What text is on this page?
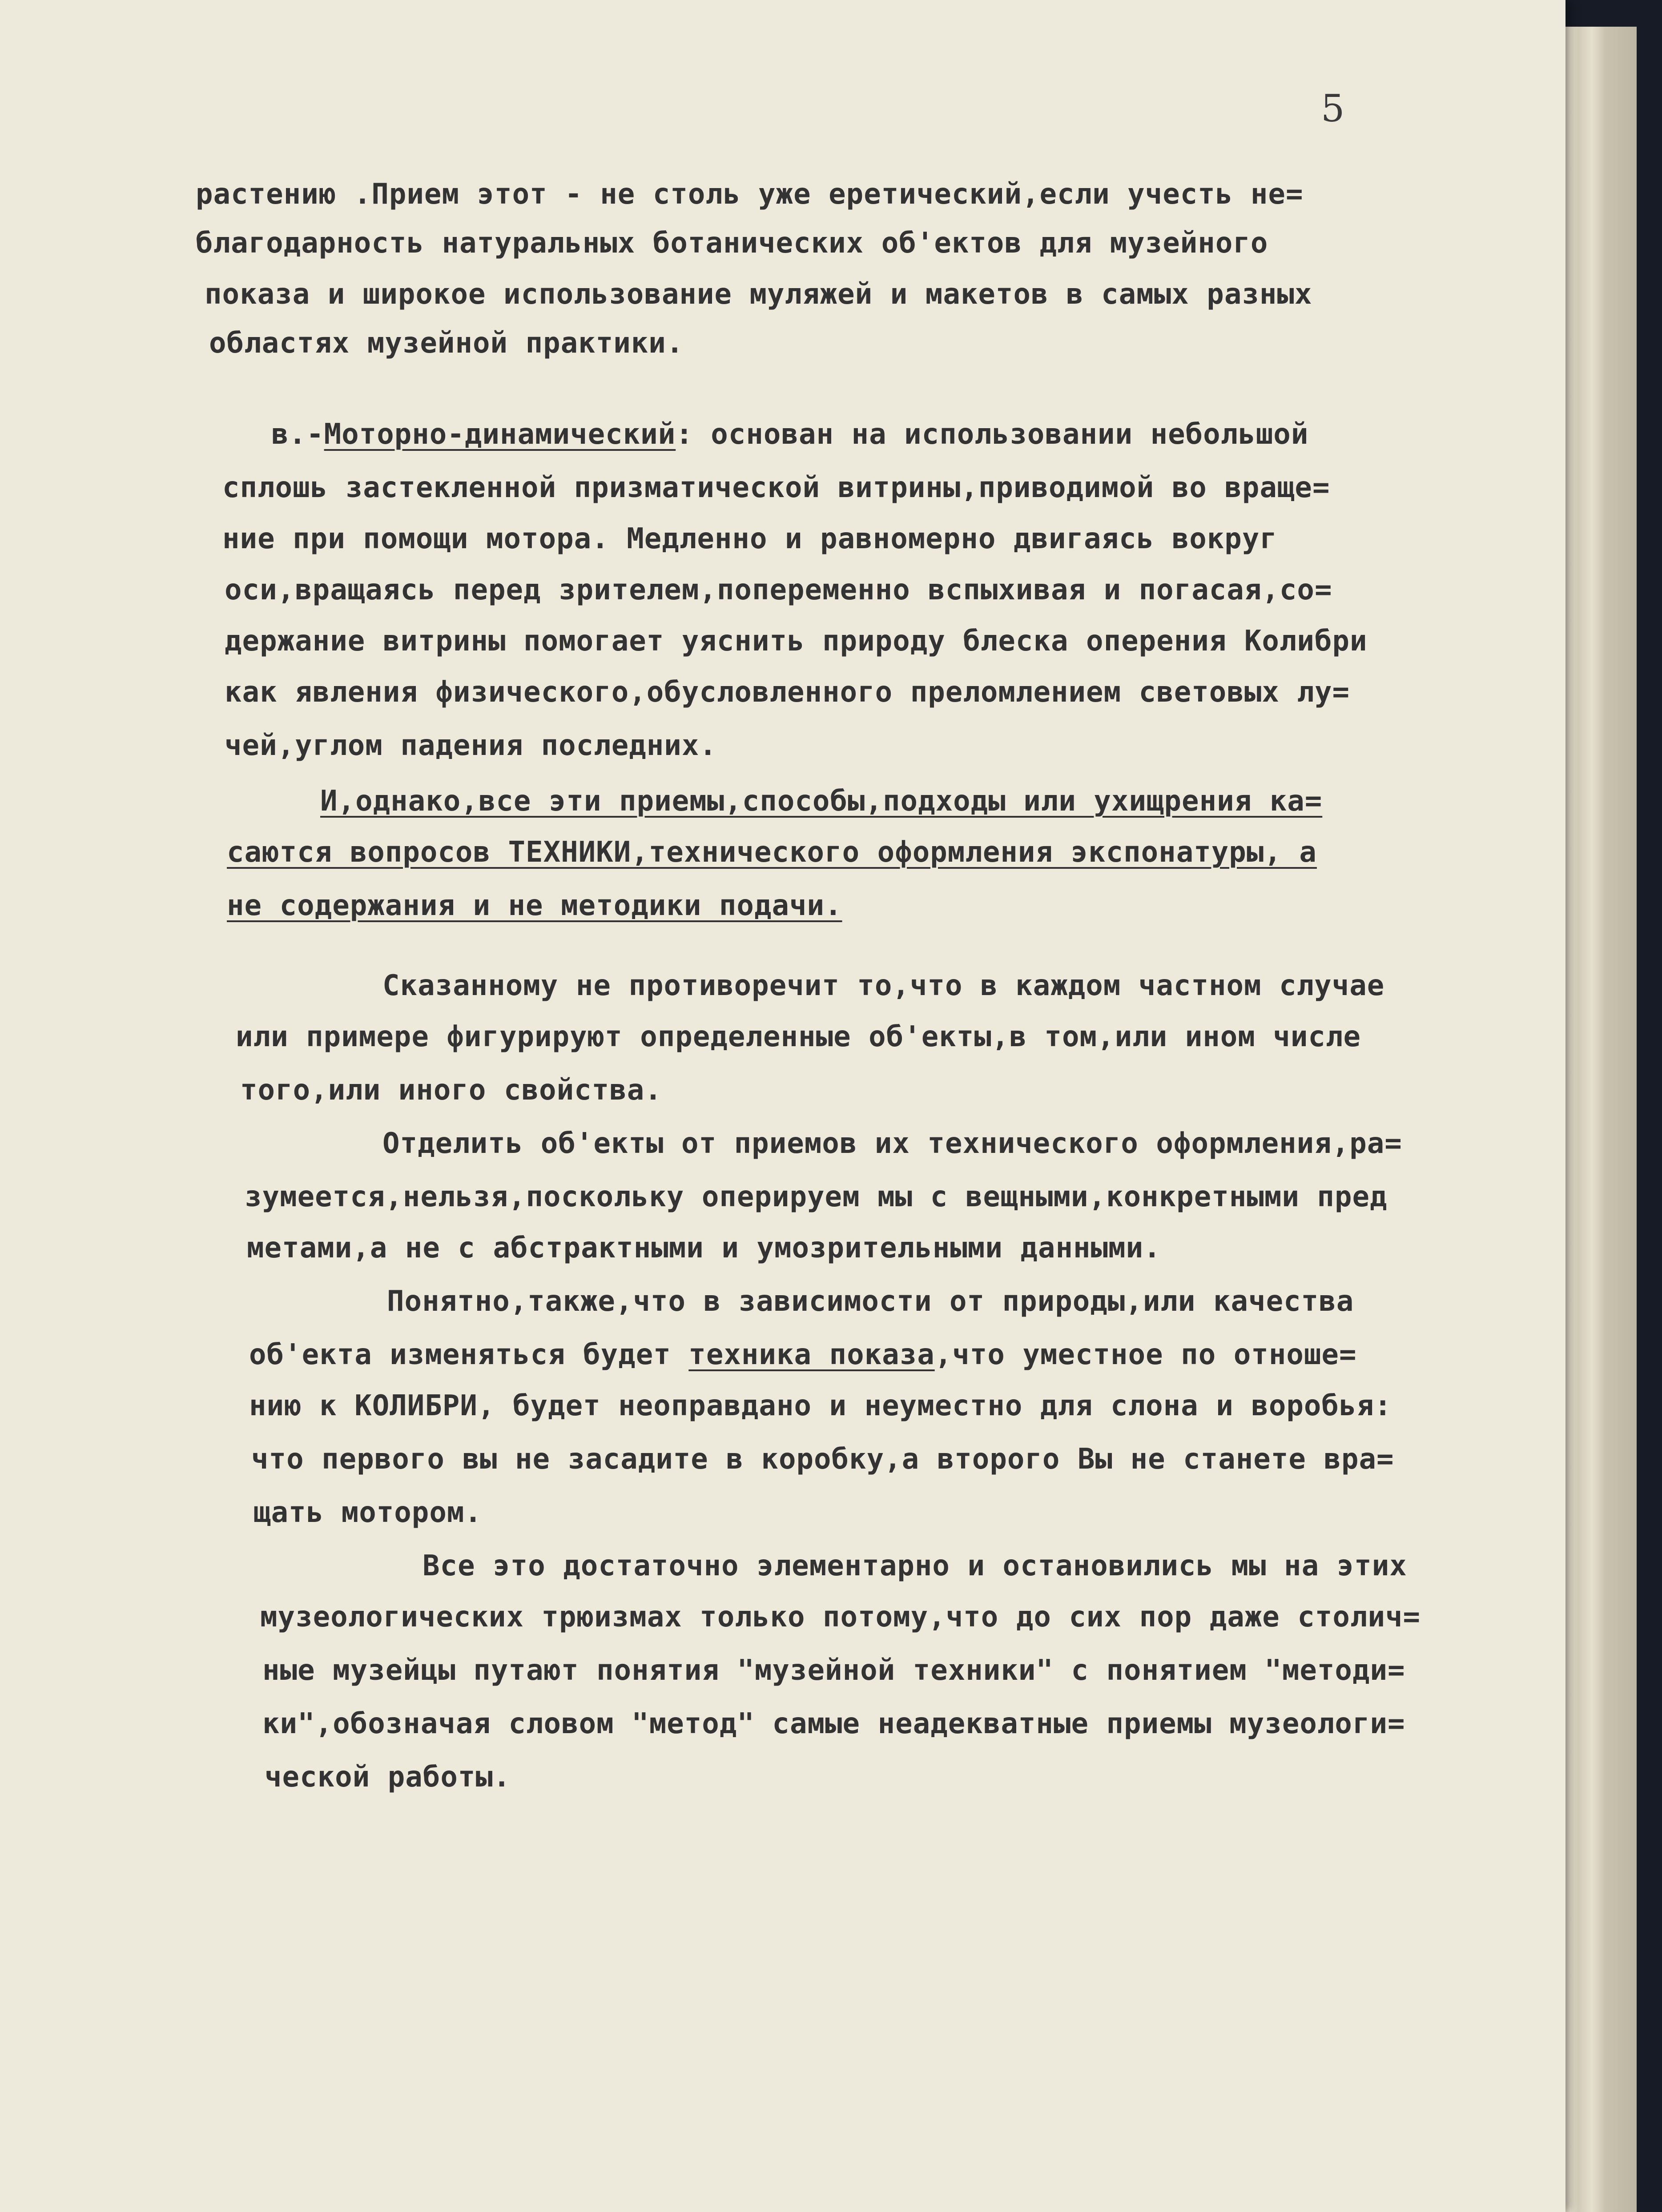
5
растению .Прием этот - не столь уже еретический,если учесть не=
благодарность натуральных ботанических об'ектов для музейного
показа и широкое использование муляжей и макетов в самых разных
областях музейной практики.
в.-Моторно-динамический: основан на использовании небольшой
сплошь застекленной призматической витрины,приводимой во враще=
ние при помощи мотора. Медленно и равномерно двигаясь вокруг
оси,вращаясь перед зрителем,попеременно вспыхивая и погасая,со=
держание витрины помогает уяснить природу блеска оперения Колибри
как явления физического,обусловленного преломлением световых лу=
чей,углом падения последних.
И,однако,все эти приемы,способы,подходы или ухищрения ка=
саются вопросов ТЕХНИКИ,технического оформления экспонатуры, а
не содержания и не методики подачи.
Сказанному не противоречит то,что в каждом частном случае
или примере фигурируют определенные об'екты,в том,или ином числе
того,или иного свойства.
Отделить об'екты от приемов их технического оформления,ра=
зумеется,нельзя,поскольку оперируем мы с вещными,конкретными пред
метами,а не с абстрактными и умозрительными данными.
Понятно,также,что в зависимости от природы,или качества
об'екта изменяться будет техника показа,что уместное по отноше=
нию к КОЛИБРИ, будет неоправдано и неуместно для слона и воробья:
что первого вы не засадите в коробку,а второго Вы не станете вра=
щать мотором.
Все это достаточно элементарно и остановились мы на этих
музеологических трюизмах только потому,что до сих пор даже столич=
ные музейцы путают понятия "музейной техники" с понятием "методи=
ки",обозначая словом "метод" самые неадекватные приемы музеологи=
ческой работы.
